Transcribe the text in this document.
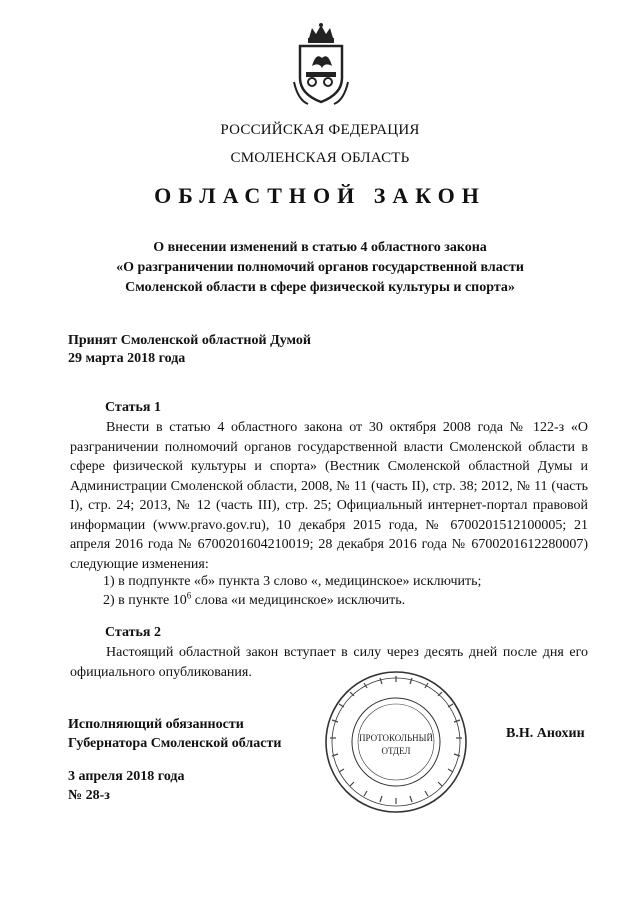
РОССИЙСКАЯ ФЕДЕРАЦИЯ
СМОЛЕНСКАЯ ОБЛАСТЬ
ОБЛАСТНОЙ ЗАКОН
О внесении изменений в статью 4 областного закона
«О разграничении полномочий органов государственной власти
Смоленской области в сфере физической культуры и спорта»
Принят Смоленской областной Думой
29 марта 2018 года
Статья 1
Внести в статью 4 областного закона от 30 октября 2008 года № 122-з «О разграничении полномочий органов государственной власти Смоленской области в сфере физической культуры и спорта» (Вестник Смоленской областной Думы и Администрации Смоленской области, 2008, № 11 (часть II), стр. 38; 2012, № 11 (часть I), стр. 24; 2013, № 12 (часть III), стр. 25; Официальный интернет-портал правовой информации (www.pravo.gov.ru), 10 декабря 2015 года, № 6700201512100005; 21 апреля 2016 года № 6700201604210019; 28 декабря 2016 года № 6700201612280007) следующие изменения:
1) в подпункте «б» пункта 3 слово «, медицинское» исключить;
2) в пункте $10^6$ слова «и медицинское» исключить.
Статья 2
Настоящий областной закон вступает в силу через десять дней после дня его официального опубликования.
Исполняющий обязанности
Губернатора Смоленской области
В.Н. Анохин
ПРОТОКОЛЬНЫЙ
ОТДЕЛ
3 апреля 2018 года
№ 28-з
